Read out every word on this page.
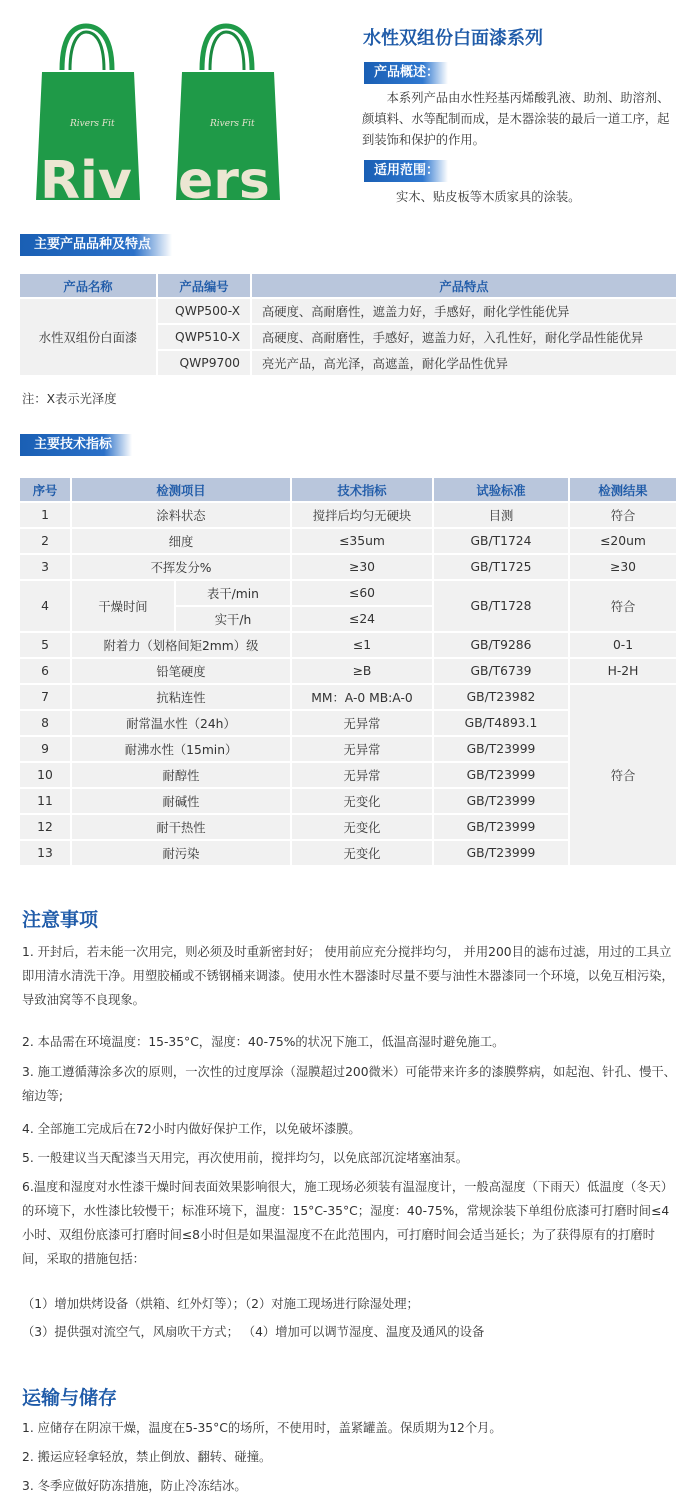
Rivers Fit
Riv
Rivers Fit
ers
水性双组份白面漆系列
产品概述：
本系列产品由水性羟基丙烯酸乳液、助剂、助溶剂、颜填料、水等配制而成，是木器涂装的最后一道工序，起到装饰和保护的作用。
适用范围：
实木、贴皮板等木质家具的涂装。
主要产品品种及特点
产品名称	产品编号	产品特点
水性双组份白面漆	QWP500-X	高硬度、高耐磨性，遮盖力好，手感好，耐化学性能优异
	QWP510-X	高硬度、高耐磨性，手感好，遮盖力好，入孔性好，耐化学品性能优异
	QWP9700	亮光产品，高光泽，高遮盖，耐化学品性优异
注：X表示光泽度
主要技术指标
序号	检测项目		技术指标	试验标准	检测结果
1	涂料状态		搅拌后均匀无硬块	目测	符合
2	细度		≤35um	GB/T1724	≤20um
3	不挥发分%		≥30	GB/T1725	≥30
4	干燥时间	表干/min	≤60	GB/T1728	符合
		实干/h	≤24		
5	附着力（划格间矩2mm）级		≤1	GB/T9286	0-1
6	铅笔硬度		≥B	GB/T6739	H-2H
7	抗粘连性		MM：A-0 MB:A-0	GB/T23982	符合
8	耐常温水性（24h）		无异常	GB/T4893.1	
9	耐沸水性（15min）		无异常	GB/T23999	
10	耐醇性		无异常	GB/T23999	
11	耐碱性		无变化	GB/T23999	
12	耐干热性		无变化	GB/T23999	
13	耐污染		无变化	GB/T23999	
注意事项
1. 开封后，若未能一次用完，则必须及时重新密封好； 使用前应充分搅拌均匀， 并用200目的滤布过滤，用过的工具立即用清水清洗干净。用塑胶桶或不锈钢桶来调漆。使用水性木器漆时尽量不要与油性木器漆同一个环境，以免互相污染，导致油窝等不良现象。
2. 本品需在环境温度：15-35°C，湿度：40-75%的状况下施工，低温高湿时避免施工。
3. 施工遵循薄涂多次的原则，一次性的过度厚涂（湿膜超过200微米）可能带来许多的漆膜弊病，如起泡、针孔、慢干、缩边等;
4. 全部施工完成后在72小时内做好保护工作，以免破坏漆膜。
5. 一般建议当天配漆当天用完，再次使用前，搅拌均匀，以免底部沉淀堵塞油泵。
6.温度和湿度对水性漆干燥时间表面效果影响很大，施工现场必须装有温湿度计，一般高湿度（下雨天）低温度（冬天）的环境下，水性漆比较慢干；标准环境下，温度：15°C-35°C；湿度：40-75%，常规涂装下单组份底漆可打磨时间≤4小时、双组份底漆可打磨时间≤8小时但是如果温湿度不在此范围内，可打磨时间会适当延长；为了获得原有的打磨时间，采取的措施包括：
（1）增加烘烤设备（烘箱、红外灯等）；（2）对施工现场进行除湿处理；
（3）提供强对流空气，风扇吹干方式； （4）增加可以调节湿度、温度及通风的设备
运输与储存
1. 应储存在阴凉干燥，温度在5-35°C的场所，不使用时，盖紧罐盖。保质期为12个月。
2. 搬运应轻拿轻放，禁止倒放、翻转、碰撞。
3. 冬季应做好防冻措施，防止冷冻结冰。
